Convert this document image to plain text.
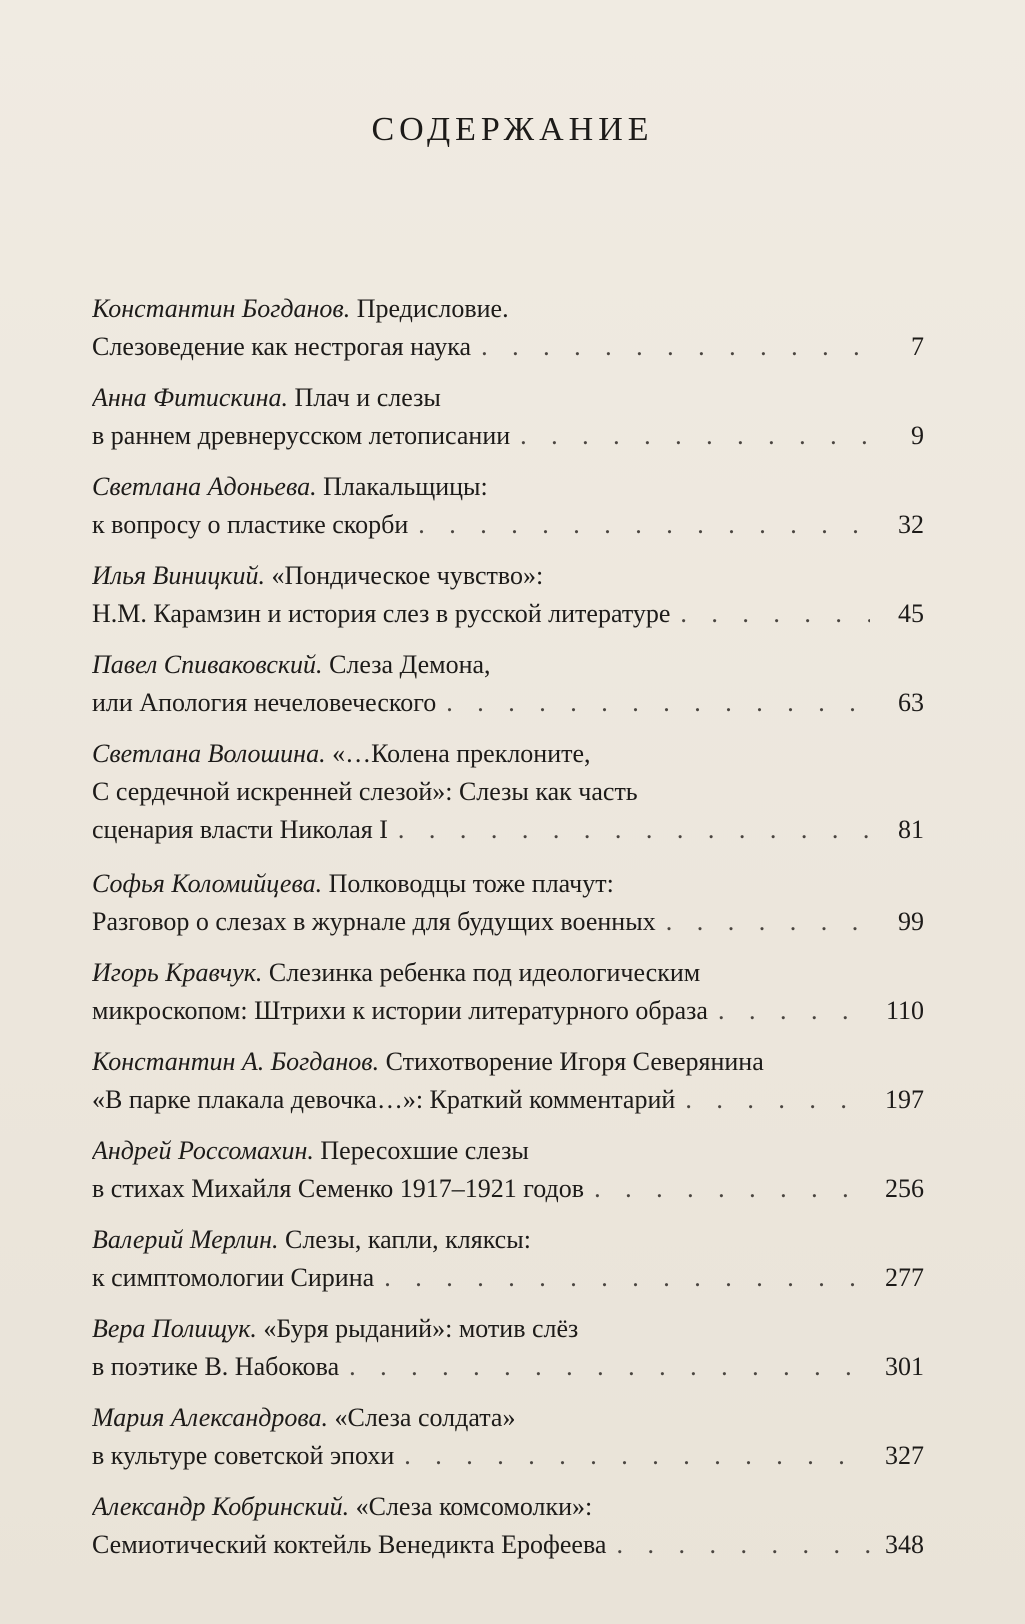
СОДЕРЖАНИЕ
Константин Богданов. Предисловие.
Слезоведение как нестрогая наука . . .	7
Анна Фитискина. Плач и слезы
в раннем древнерусском летописании . . .	9
Светлана Адоньева. Плакальщицы:
к вопросу о пластике скорби . . .	32
Илья Виницкий. «Пондическое чувство»:
Н.М. Карамзин и история слез в русской литературе . . .	45
Павел Спиваковский. Слеза Демона,
или Апология нечеловеческого . . .	63
Светлана Волошина. «…Колена преклоните,
С сердечной искренней слезой»: Слезы как часть
сценария власти Николая I . . .	81
Софья Коломийцева. Полководцы тоже плачут:
Разговор о слезах в журнале для будущих военных . . .	99
Игорь Кравчук. Слезинка ребенка под идеологическим
микроскопом: Штрихи к истории литературного образа . . .	110
Константин А. Богданов. Стихотворение Игоря Северянина
«В парке плакала девочка…»: Краткий комментарий . . .	197
Андрей Россомахин. Пересохшие слезы
в стихах Михайля Семенко 1917–1921 годов . . .	256
Валерий Мерлин. Слезы, капли, кляксы:
к симптомологии Сирина . . .	277
Вера Полищук. «Буря рыданий»: мотив слёз
в поэтике В. Набокова . . .	301
Мария Александрова. «Слеза солдата»
в культуре советской эпохи . . .	327
Александр Кобринский. «Слеза комсомолки»:
Семиотический коктейль Венедикта Ерофеева . . .	348
